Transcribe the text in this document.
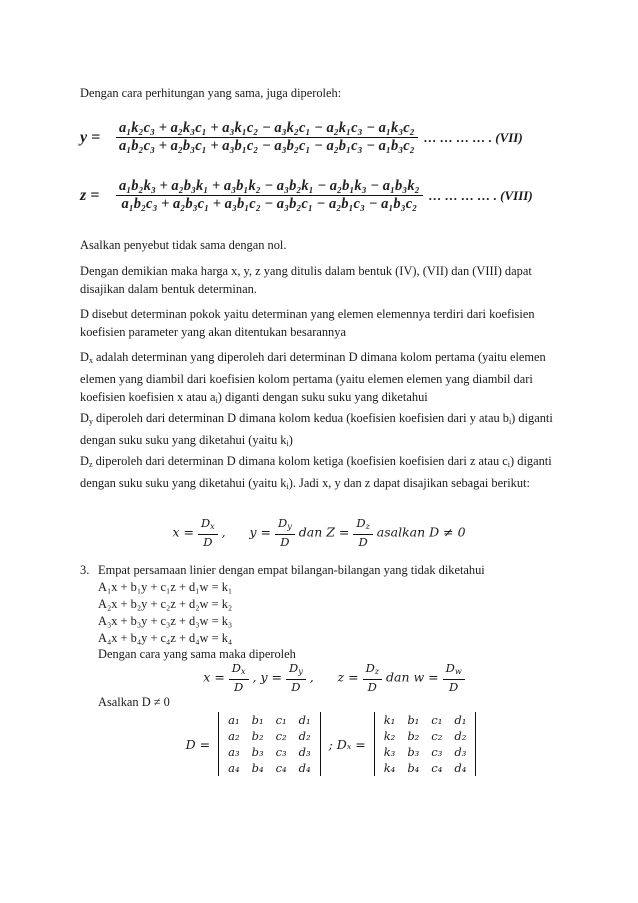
Dengan cara perhitungan yang sama, juga diperoleh:

$y = \frac{\text{a₁k₂c₃ + a₂k₃c₁ + a₃k₁c₂ − a₃k₂c₁ − a₂k₁c₃ − a₁k₃c₂}}{\text{a₁b₂c₃ + a₂b₃c₁ + a₃b₁c₂ − a₃b₂c₁ − a₂b₁c₃ − a₁b₃c₂}}$ … … … … . (VII)
$z = \frac{\text{a₁b₂k₃ + a₂b₃k₁ + a₃b₁k₂ − a₃b₂k₁ − a₂b₁k₃ − a₁b₃k₂}}{\text{a₁b₂c₃ + a₂b₃c₁ + a₃b₁c₂ − a₃b₂c₁ − a₂b₁c₃ − a₁b₃c₂}}$ … … … … . (VIII)

Asalkan penyebut tidak sama dengan nol.

Dengan demikian maka harga x, y, z yang ditulis dalam bentuk (IV), (VII) dan (VIII) dapat disajikan dalam bentuk determinan.

D disebut determinan pokok yaitu determinan yang elemen elemennya terdiri dari koefisien koefisien parameter yang akan ditentukan besarannya

$D_x$ adalah determinan yang diperoleh dari determinan D dimana kolom pertama (yaitu elemen elemen yang diambil dari koefisien kolom pertama (yaitu elemen elemen yang diambil dari koefisien koefisien x atau $a_i$) diganti dengan suku suku yang diketahui

$D_y$ diperoleh dari determinan D dimana kolom kedua (koefisien koefisien dari y atau $b_i$) diganti dengan suku suku yang diketahui (yaitu $k_i$)

$D_z$ diperoleh dari determinan D dimana kolom ketiga (koefisien koefisien dari z atau $c_i$) diganti dengan suku suku yang diketahui (yaitu $k_i$). Jadi x, y dan z dapat disajikan sebagai berikut:

$x = \frac{D_x}{D}$ ,      $y = \frac{D_y}{D}$ dan $Z = \frac{D_z}{D}$ asalkan D ≠ 0

3. Empat persamaan linier dengan empat bilangan-bilangan yang tidak diketahui

A₁x + b₁y + c₁z + d₁w = k₁
A₂x + b₂y + c₂z + d₂w = k₂
A₃x + b₃y + c₃z + d₃w = k₃
A₄x + b₄y + c₄z + d₄w = k₄
Dengan cara yang sama maka diperoleh
$x = \frac{D_x}{D}$ , $y = \frac{D_y}{D}$ ,      $z = \frac{D_z}{D}$ dan $w = \frac{D_w}{D}$
Asalkan D ≠ 0
D =
a₁	b₁	c₁	d₁
a₂	b₂	c₂	d₂
a₃	b₃	c₃	d₃
a₄	b₄	c₄	d₄
; Dₓ =
k₁	b₁	c₁	d₁
k₂	b₂	c₂	d₂
k₃	b₃	c₃	d₃
k₄	b₄	c₄	d₄
